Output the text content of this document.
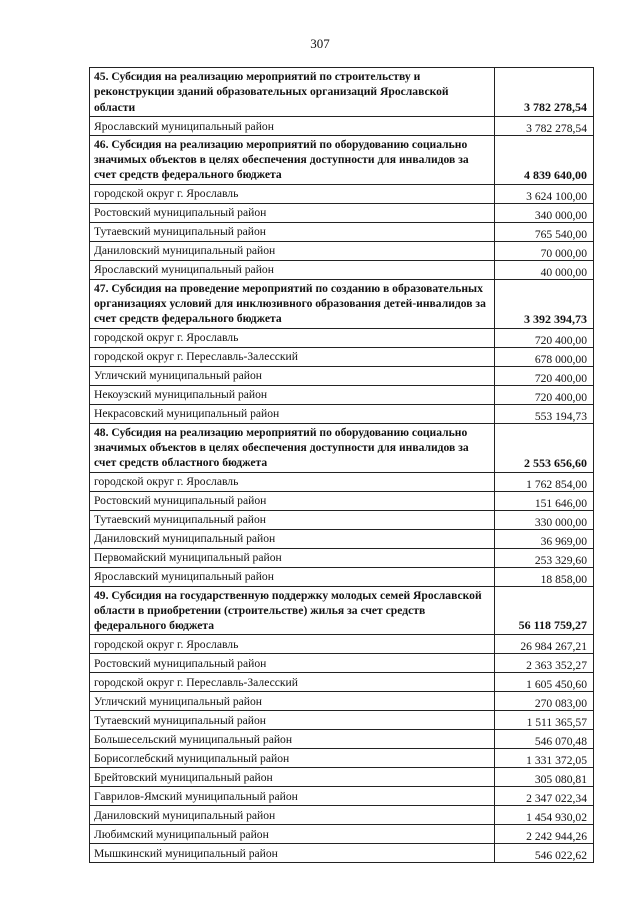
307
45. Субсидия на реализацию мероприятий по строительству и реконструкции зданий образовательных организаций Ярославской области	3 782 278,54
Ярославский муниципальный район	3 782 278,54
46. Субсидия на реализацию мероприятий по оборудованию социально значимых объектов в целях обеспечения доступности для инвалидов за счет средств федерального бюджета	4 839 640,00
городской округ г. Ярославль	3 624 100,00
Ростовский муниципальный район	340 000,00
Тутаевский муниципальный район	765 540,00
Даниловский муниципальный район	70 000,00
Ярославский муниципальный район	40 000,00
47. Субсидия на проведение мероприятий по созданию в образовательных организациях условий для инклюзивного образования детей-инвалидов за счет средств федерального бюджета	3 392 394,73
городской округ г. Ярославль	720 400,00
городской округ г. Переславль-Залесский	678 000,00
Угличский муниципальный район	720 400,00
Некоузский муниципальный район	720 400,00
Некрасовский муниципальный район	553 194,73
48. Субсидия на реализацию мероприятий по оборудованию социально значимых объектов в целях обеспечения доступности для инвалидов за счет средств областного бюджета	2 553 656,60
городской округ г. Ярославль	1 762 854,00
Ростовский муниципальный район	151 646,00
Тутаевский муниципальный район	330 000,00
Даниловский муниципальный район	36 969,00
Первомайский муниципальный район	253 329,60
Ярославский муниципальный район	18 858,00
49. Субсидия на государственную поддержку молодых семей Ярославской области в приобретении (строительстве) жилья за счет средств федерального бюджета	56 118 759,27
городской округ г. Ярославль	26 984 267,21
Ростовский муниципальный район	2 363 352,27
городской округ г. Переславль-Залесский	1 605 450,60
Угличский муниципальный район	270 083,00
Тутаевский муниципальный район	1 511 365,57
Большесельский муниципальный район	546 070,48
Борисоглебский муниципальный район	1 331 372,05
Брейтовский муниципальный район	305 080,81
Гаврилов-Ямский муниципальный район	2 347 022,34
Даниловский муниципальный район	1 454 930,02
Любимский муниципальный район	2 242 944,26
Мышкинский муниципальный район	546 022,62
